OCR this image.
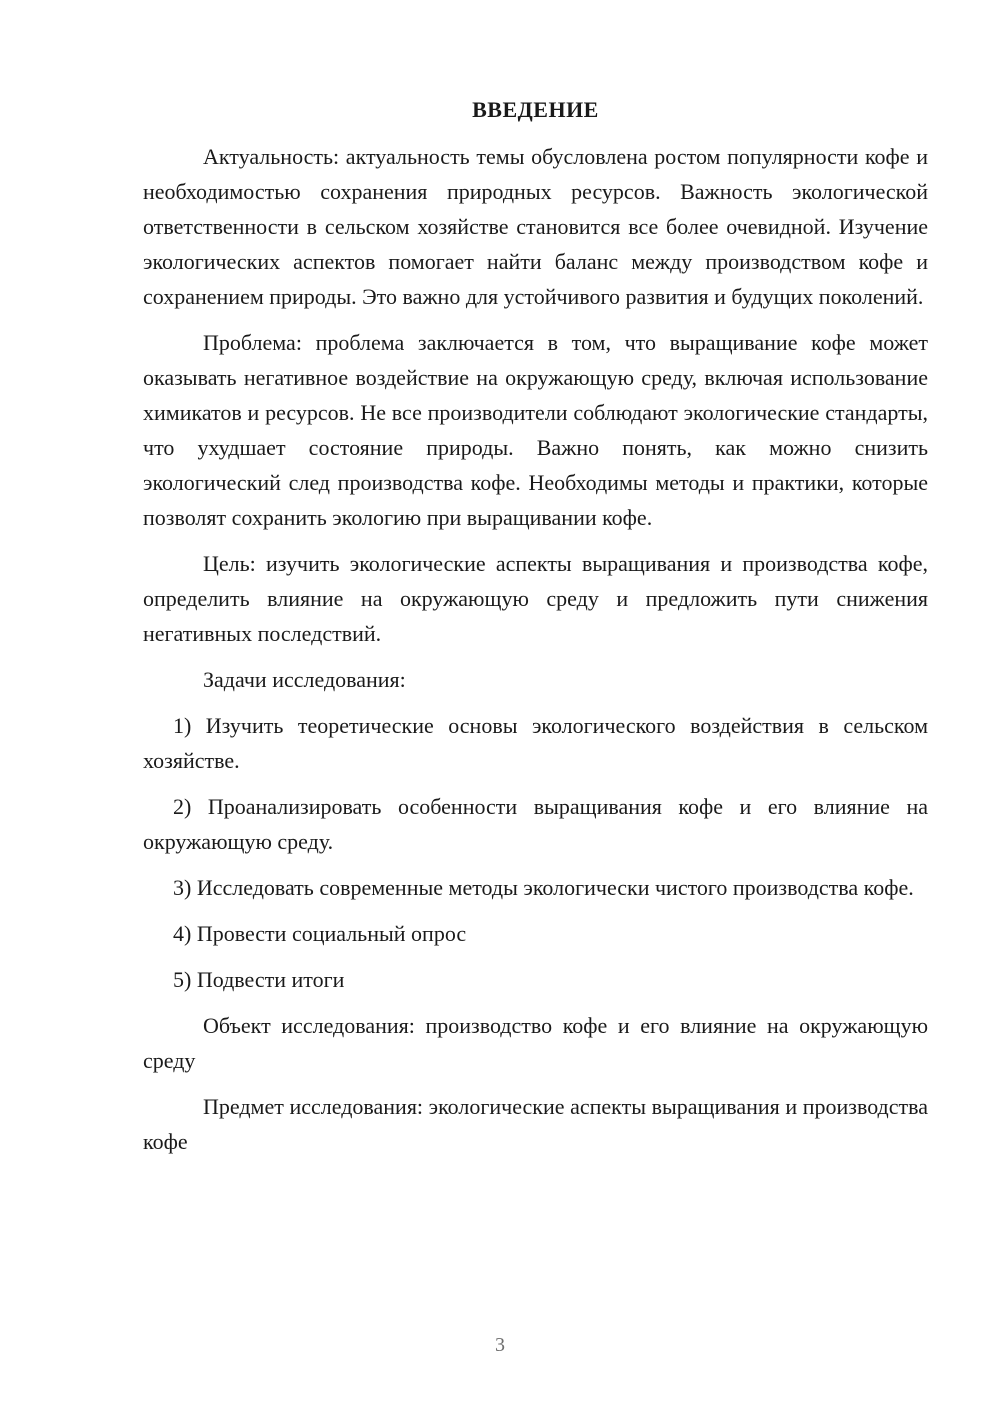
ВВЕДЕНИЕ

Актуальность: актуальность темы обусловлена ростом популярности кофе и необходимостью сохранения природных ресурсов. Важность экологической ответственности в сельском хозяйстве становится все более очевидной. Изучение экологических аспектов помогает найти баланс между производством кофе и сохранением природы. Это важно для устойчивого развития и будущих поколений.

Проблема: проблема заключается в том, что выращивание кофе может оказывать негативное воздействие на окружающую среду, включая использование химикатов и ресурсов. Не все производители соблюдают экологические стандарты, что ухудшает состояние природы. Важно понять, как можно снизить экологический след производства кофе. Необходимы методы и практики, которые позволят сохранить экологию при выращивании кофе.

Цель: изучить экологические аспекты выращивания и производства кофе, определить влияние на окружающую среду и предложить пути снижения негативных последствий.

Задачи исследования:

1) Изучить теоретические основы экологического воздействия в сельском хозяйстве.

2) Проанализировать особенности выращивания кофе и его влияние на окружающую среду.

3) Исследовать современные методы экологически чистого производства кофе.

4) Провести социальный опрос

5) Подвести итоги

Объект исследования: производство кофе и его влияние на окружающую среду

Предмет исследования: экологические аспекты выращивания и производства кофе

3
